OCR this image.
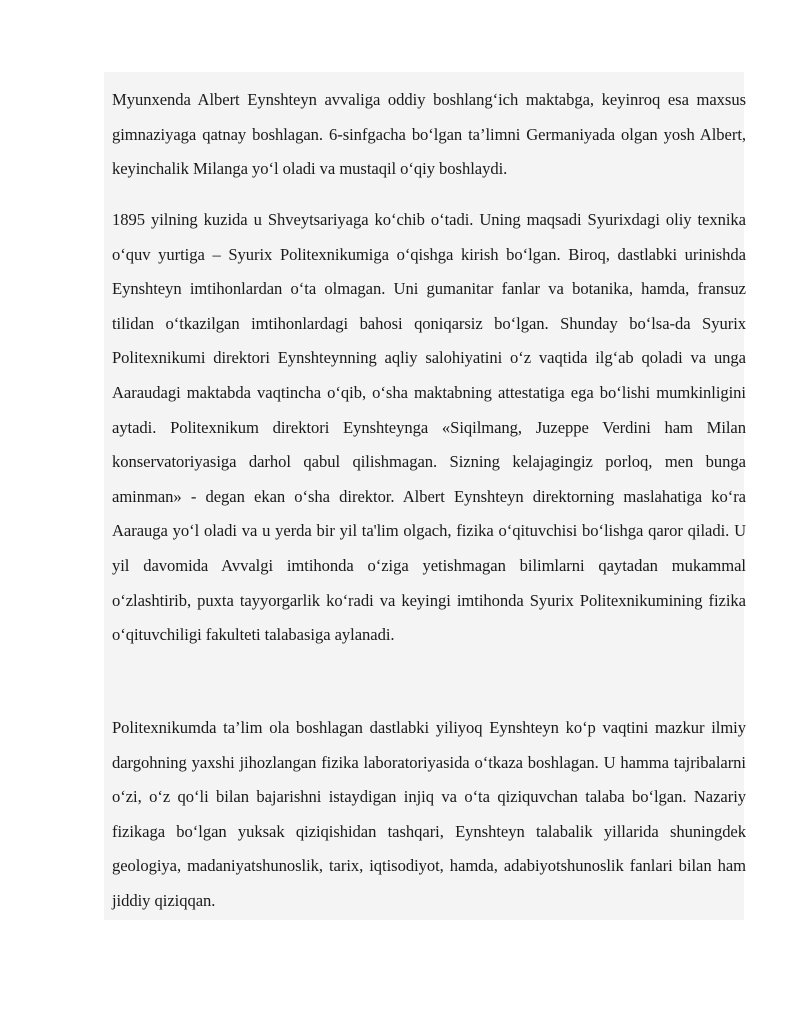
Myunxenda Albert Eynshteyn avvaliga oddiy boshlang‘ich maktabga, keyinroq esa maxsus gimnaziyaga qatnay boshlagan. 6-sinfgacha bo‘lgan ta’limni Germaniyada olgan yosh Albert, keyinchalik Milanga yo‘l oladi va mustaqil o‘qiy boshlaydi.

1895 yilning kuzida u Shveytsariyaga ko‘chib o‘tadi. Uning maqsadi Syurixdagi oliy texnika o‘quv yurtiga – Syurix Politexnikumiga o‘qishga kirish bo‘lgan. Biroq, dastlabki urinishda Eynshteyn imtihonlardan o‘ta olmagan. Uni gumanitar fanlar va botanika, hamda, fransuz tilidan o‘tkazilgan imtihonlardagi bahosi qoniqarsiz bo‘lgan. Shunday bo‘lsa-da Syurix Politexnikumi direktori Eynshteynning aqliy salohiyatini o‘z vaqtida ilg‘ab qoladi va unga Aaraudagi maktabda vaqtincha o‘qib, o‘sha maktabning attestatiga ega bo‘lishi mumkinligini aytadi. Politexnikum direktori Eynshteynga «Siqilmang, Juzeppe Verdini ham Milan konservatoriyasiga darhol qabul qilishmagan. Sizning kelajagingiz porloq, men bunga aminman» - degan ekan o‘sha direktor. Albert Eynshteyn direktorning maslahatiga ko‘ra Aarauga yo‘l oladi va u yerda bir yil ta'lim olgach, fizika o‘qituvchisi bo‘lishga qaror qiladi. U yil davomida Avvalgi imtihonda o‘ziga yetishmagan bilimlarni qaytadan mukammal o‘zlashtirib, puxta tayyorgarlik ko‘radi va keyingi imtihonda Syurix Politexnikumining fizika o‘qituvchiligi fakulteti talabasiga aylanadi.

Politexnikumda ta’lim ola boshlagan dastlabki yiliyoq Eynshteyn ko‘p vaqtini mazkur ilmiy dargohning yaxshi jihozlangan fizika laboratoriyasida o‘tkaza boshlagan. U hamma tajribalarni o‘zi, o‘z qo‘li bilan bajarishni istaydigan injiq va o‘ta qiziquvchan talaba bo‘lgan. Nazariy fizikaga bo‘lgan yuksak qiziqishidan tashqari, Eynshteyn talabalik yillarida shuningdek geologiya, madaniyatshunoslik, tarix, iqtisodiyot, hamda, adabiyotshunoslik fanlari bilan ham jiddiy qiziqqan.
